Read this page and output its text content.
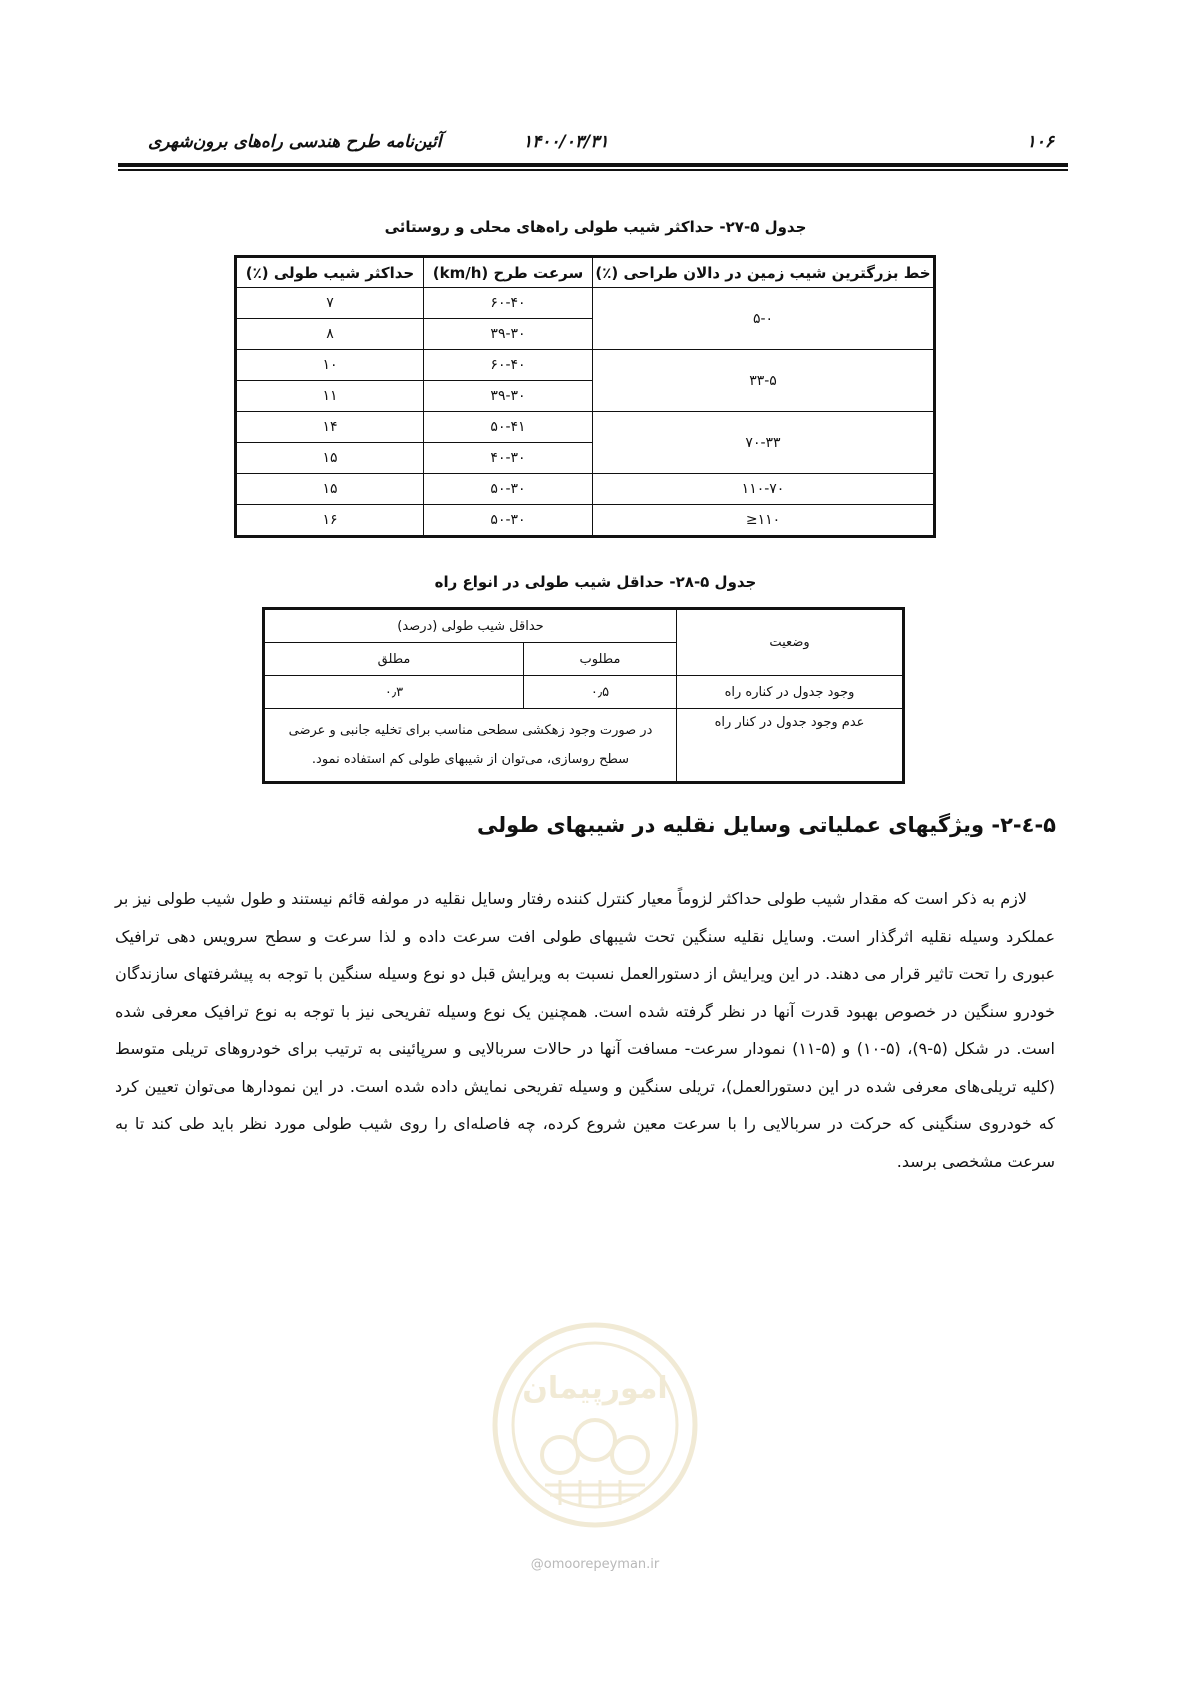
۱۰۶
۱۴۰۰/۰۳/۳۱
آئین‌نامه طرح هندسی راه‌های برون‌شهری
جدول ۵-۲۷- حداکثر شیب طولی راه‌های محلی و روستائی
خط بزرگترین شیب زمین در دالان طراحی (٪)	سرعت طرح (km/h)	حداکثر شیب طولی (٪)
۵-۰	۶۰-۴۰	۷
	۳۹-۳۰	۸
۳۳-۵	۶۰-۴۰	۱۰
	۳۹-۳۰	۱۱
۷۰-۳۳	۵۰-۴۱	۱۴
	۴۰-۳۰	۱۵
۱۱۰-۷۰	۵۰-۳۰	۱۵
۱۱۰≤	۵۰-۳۰	۱۶
جدول ۵-۲۸- حداقل شیب طولی در انواع راه
وضعیت	حداقل شیب طولی (درصد)	
	مطلوب	مطلق
وجود جدول در کناره راه	۰٫۵	۰٫۳
عدم وجود جدول در کنار راه	در صورت وجود زهکشی سطحی مناسب برای تخلیه جانبی و عرضی
سطح روسازی، می‌توان از شیبهای طولی کم استفاده نمود.	
۵-٤-۲- ویژگیهای عملیاتی وسایل نقلیه در شیبهای طولی

لازم به ذکر است که مقدار شیب طولی حداکثر لزوماً معیار کنترل کننده رفتار وسایل نقلیه در مولفه قائم نیستند و طول شیب طولی نیز بر عملکرد وسیله نقلیه اثرگذار است. وسایل نقلیه سنگین تحت شیبهای طولی افت سرعت داده و لذا سرعت و سطح سرویس دهی ترافیک عبوری را تحت تاثیر قرار می دهند. در این ویرایش از دستورالعمل نسبت به ویرایش قبل دو نوع وسیله سنگین با توجه به پیشرفتهای سازندگان خودرو سنگین در خصوص بهبود قدرت آنها در نظر گرفته شده است. همچنین یک نوع وسیله تفریحی نیز با توجه به نوع ترافیک معرفی شده است. در شکل (۵-۹)، (۵-۱۰) و (۵-۱۱) نمودار سرعت- مسافت آنها در حالات سربالایی و سرپائینی به ترتیب برای خودروهای تریلی متوسط (کلیه تریلی‌های معرفی شده در این دستورالعمل)، تریلی سنگین و وسیله تفریحی نمایش داده شده است. در این نمودارها می‌توان تعیین کرد که خودروی سنگینی که حرکت در سربالایی را با سرعت معین شروع کرده، چه فاصله‌ای را روی شیب طولی مورد نظر باید طی کند تا به سرعت مشخصی برسد.

امورپیمان
@omoorepeyman.ir
